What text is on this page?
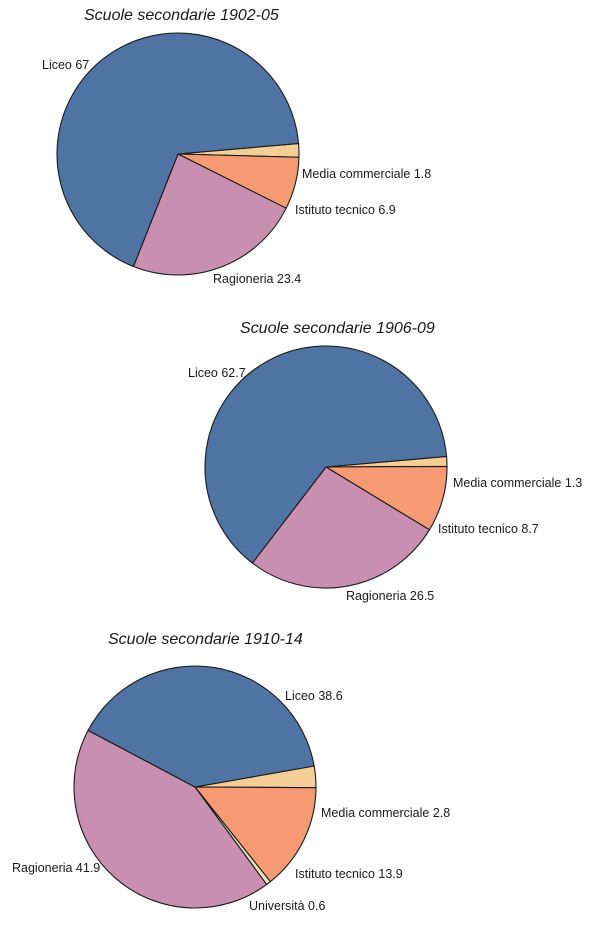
Scuole secondarie 1902-05
Media commerciale 1.8
Istituto tecnico 6.9
Ragioneria 23.4
Liceo 67
Scuole secondarie 1906-09
Media commerciale 1.3
Istituto tecnico 8.7
Ragioneria 26.5
Liceo 62.7
Scuole secondarie 1910-14
Media commerciale 2.8
Istituto tecnico 13.9
Università 0.6
Ragioneria 41.9
Liceo 38.6
